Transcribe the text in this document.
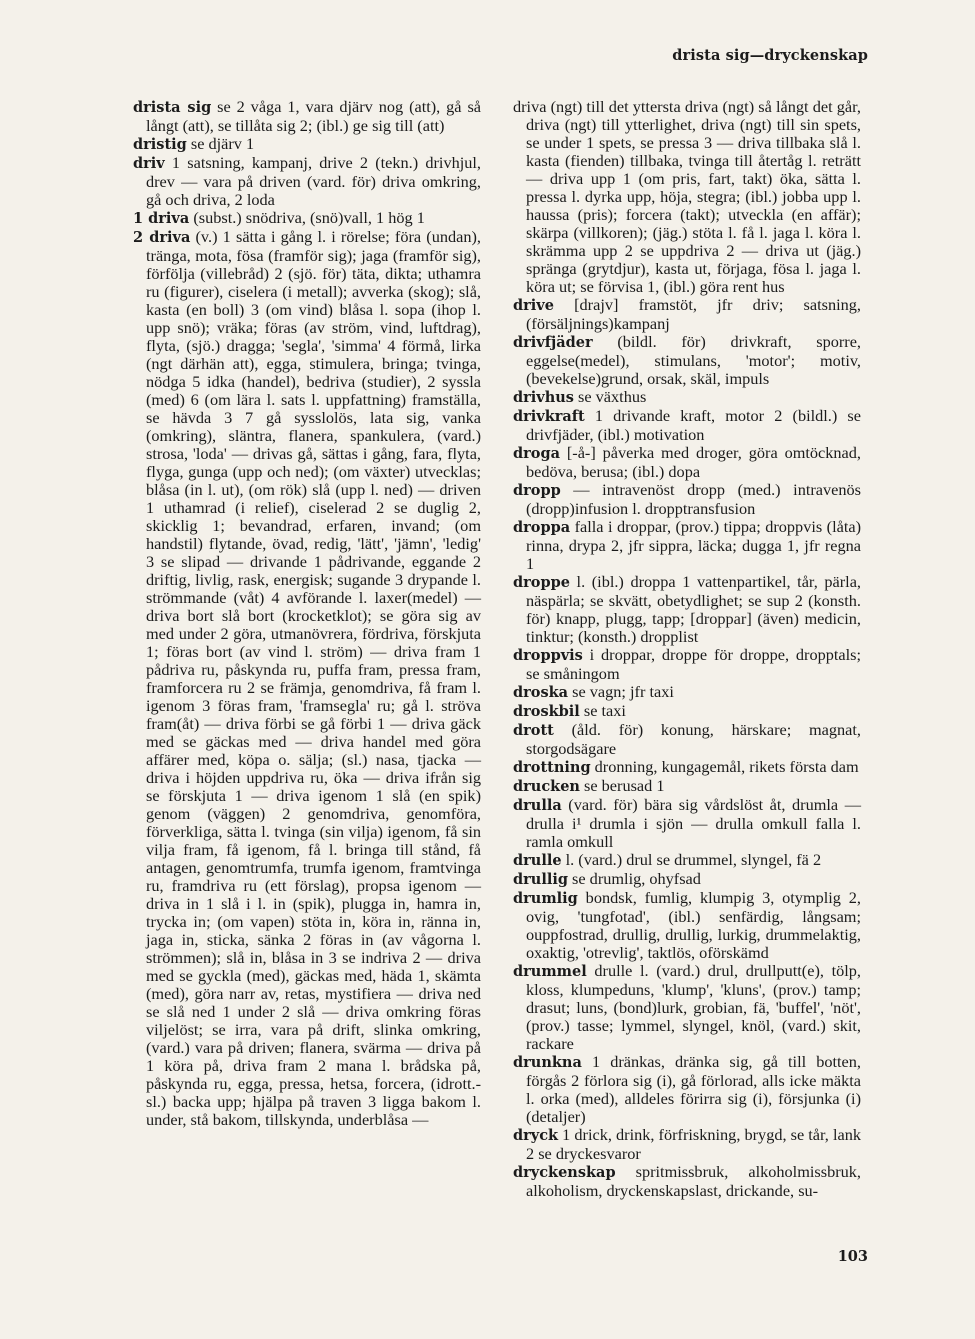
drista sig—dryckenskap
drista sig se 2 våga 1, vara djärv nog (att), gå så långt (att), se tillåta sig 2; (ibl.) ge sig till (att)
dristig se djärv 1
driv 1 satsning, kampanj, drive 2 (tekn.) drivhjul, drev — vara på driven (vard. för) driva omkring, gå och driva, 2 loda
1 driva (subst.) snödriva, (snö)vall, 1 hög 1
2 driva (v.) 1 sätta i gång l. i rörelse; föra (undan), tränga, mota, fösa (framför sig); jaga (framför sig), förfölja (villebråd) 2 (sjö. för) täta, dikta; uthamra ru (figurer), ciselera (i metall); avverka (skog); slå, kasta (en boll) 3 (om vind) blåsa l. sopa (ihop l. upp snö); vräka; föras (av ström, vind, luftdrag), flyta, (sjö.) dragga; 'segla', 'simma' 4 förmå, lirka (ngt därhän att), egga, stimulera, bringa; tvinga, nödga 5 idka (handel), bedriva (studier), 2 syssla (med) 6 (om lära l. sats l. uppfattning) framställa, se hävda 3 7 gå sysslolös, lata sig, vanka (omkring), släntra, flanera, spankulera, (vard.) strosa, 'loda' — drivas gå, sättas i gång, fara, flyta, flyga, gunga (upp och ned); (om växter) utvecklas; blåsa (in l. ut), (om rök) slå (upp l. ned) — driven 1 uthamrad (i relief), ciselerad 2 se duglig 2, skicklig 1; bevandrad, erfaren, invand; (om handstil) flytande, övad, redig, 'lätt', 'jämn', 'ledig' 3 se slipad — drivande 1 pådrivande, eggande 2 driftig, livlig, rask, energisk; sugande 3 drypande l. strömmande (våt) 4 avförande l. laxer(medel) — driva bort slå bort (krocketklot); se göra sig av med under 2 göra, utmanövrera, fördriva, förskjuta 1; föras bort (av vind l. ström) — driva fram 1 pådriva ru, påskynda ru, puffa fram, pressa fram, framforcera ru 2 se främja, genomdriva, få fram l. igenom 3 föras fram, 'framsegla' ru; gå l. ströva fram(åt) — driva förbi se gå förbi 1 — driva gäck med se gäckas med — driva handel med göra affärer med, köpa o. sälja; (sl.) nasa, tjacka — driva i höjden uppdriva ru, öka — driva ifrån sig se förskjuta 1 — driva igenom 1 slå (en spik) genom (väggen) 2 genomdriva, genomföra, förverkliga, sätta l. tvinga (sin vilja) igenom, få sin vilja fram, få igenom, få l. bringa till stånd, få antagen, genomtrumfa, trumfa igenom, framtvinga ru, framdriva ru (ett förslag), propsa igenom — driva in 1 slå i l. in (spik), plugga in, hamra in, trycka in; (om vapen) stöta in, köra in, ränna in, jaga in, sticka, sänka 2 föras in (av vågorna l. strömmen); slå in, blåsa in 3 se indriva 2 — driva med se gyckla (med), gäckas med, häda 1, skämta (med), göra narr av, retas, mystifiera — driva ned se slå ned 1 under 2 slå — driva omkring föras viljelöst; se irra, vara på drift, slinka omkring, (vard.) vara på driven; flanera, svärma — driva på 1 köra på, driva fram 2 mana l. brådska på, påskynda ru, egga, pressa, hetsa, forcera, (idrott.-sl.) backa upp; hjälpa på traven 3 ligga bakom l. under, stå bakom, tillskynda, underblåsa —
driva (ngt) till det yttersta driva (ngt) så långt det går, driva (ngt) till ytterlighet, driva (ngt) till sin spets, se under 1 spets, se pressa 3 — driva tillbaka slå l. kasta (fienden) tillbaka, tvinga till återtåg l. reträtt — driva upp 1 (om pris, fart, takt) öka, sätta l. pressa l. dyrka upp, höja, stegra; (ibl.) jobba upp l. haussa (pris); forcera (takt); utveckla (en affär); skärpa (villkoren); (jäg.) stöta l. få l. jaga l. köra l. skrämma upp 2 se uppdriva 2 — driva ut (jäg.) spränga (grytdjur), kasta ut, förjaga, fösa l. jaga l. köra ut; se förvisa 1, (ibl.) göra rent hus
drive [drajv] framstöt, jfr driv; satsning, (försäljnings)kampanj
drivfjäder (bildl. för) drivkraft, sporre, eggelse(medel), stimulans, 'motor'; motiv, (bevekelse)grund, orsak, skäl, impuls
drivhus se växthus
drivkraft 1 drivande kraft, motor 2 (bildl.) se drivfjäder, (ibl.) motivation
droga [-å-] påverka med droger, göra omtöcknad, bedöva, berusa; (ibl.) dopa
dropp — intravenöst dropp (med.) intravenös (dropp)infusion l. dropptransfusion
droppa falla i droppar, (prov.) tippa; droppvis (låta) rinna, drypa 2, jfr sippra, läcka; dugga 1, jfr regna 1
droppe l. (ibl.) droppa 1 vattenpartikel, tår, pärla, näspärla; se skvätt, obetydlighet; se sup 2 (konsth. för) knapp, plugg, tapp; [droppar] (även) medicin, tinktur; (konsth.) dropplist
droppvis i droppar, droppe för droppe, dropptals; se småningom
droska se vagn; jfr taxi
droskbil se taxi
drott (åld. för) konung, härskare; magnat, storgodsägare
drottning dronning, kungagemål, rikets första dam
drucken se berusad 1
drulla (vard. för) bära sig vårdslöst åt, drumla — drulla i¹ drumla i sjön — drulla omkull falla l. ramla omkull
drulle l. (vard.) drul se drummel, slyngel, fä 2
drullig se drumlig, ohyfsad
drumlig bondsk, fumlig, klumpig 3, otymplig 2, ovig, 'tungfotad', (ibl.) senfärdig, långsam; ouppfostrad, drullig, drullig, lurkig, drummelaktig, oxaktig, 'otrevlig', taktlös, oförskämd
drummel drulle l. (vard.) drul, drullputt(e), tölp, kloss, klumpeduns, 'klump', 'kluns', (prov.) tamp; drasut; luns, (bond)lurk, grobian, fä, 'buffel', 'nöt', (prov.) tasse; lymmel, slyngel, knöl, (vard.) skit, rackare
drunkna 1 dränkas, dränka sig, gå till botten, förgås 2 förlora sig (i), gå förlorad, alls icke mäkta l. orka (med), alldeles förirra sig (i), försjunka (i) (detaljer)
dryck 1 drick, drink, förfriskning, brygd, se tår, lank 2 se dryckesvaror
dryckenskap spritmissbruk, alkoholmissbruk, alkoholism, dryckenskapslast, drickande, su-
103
